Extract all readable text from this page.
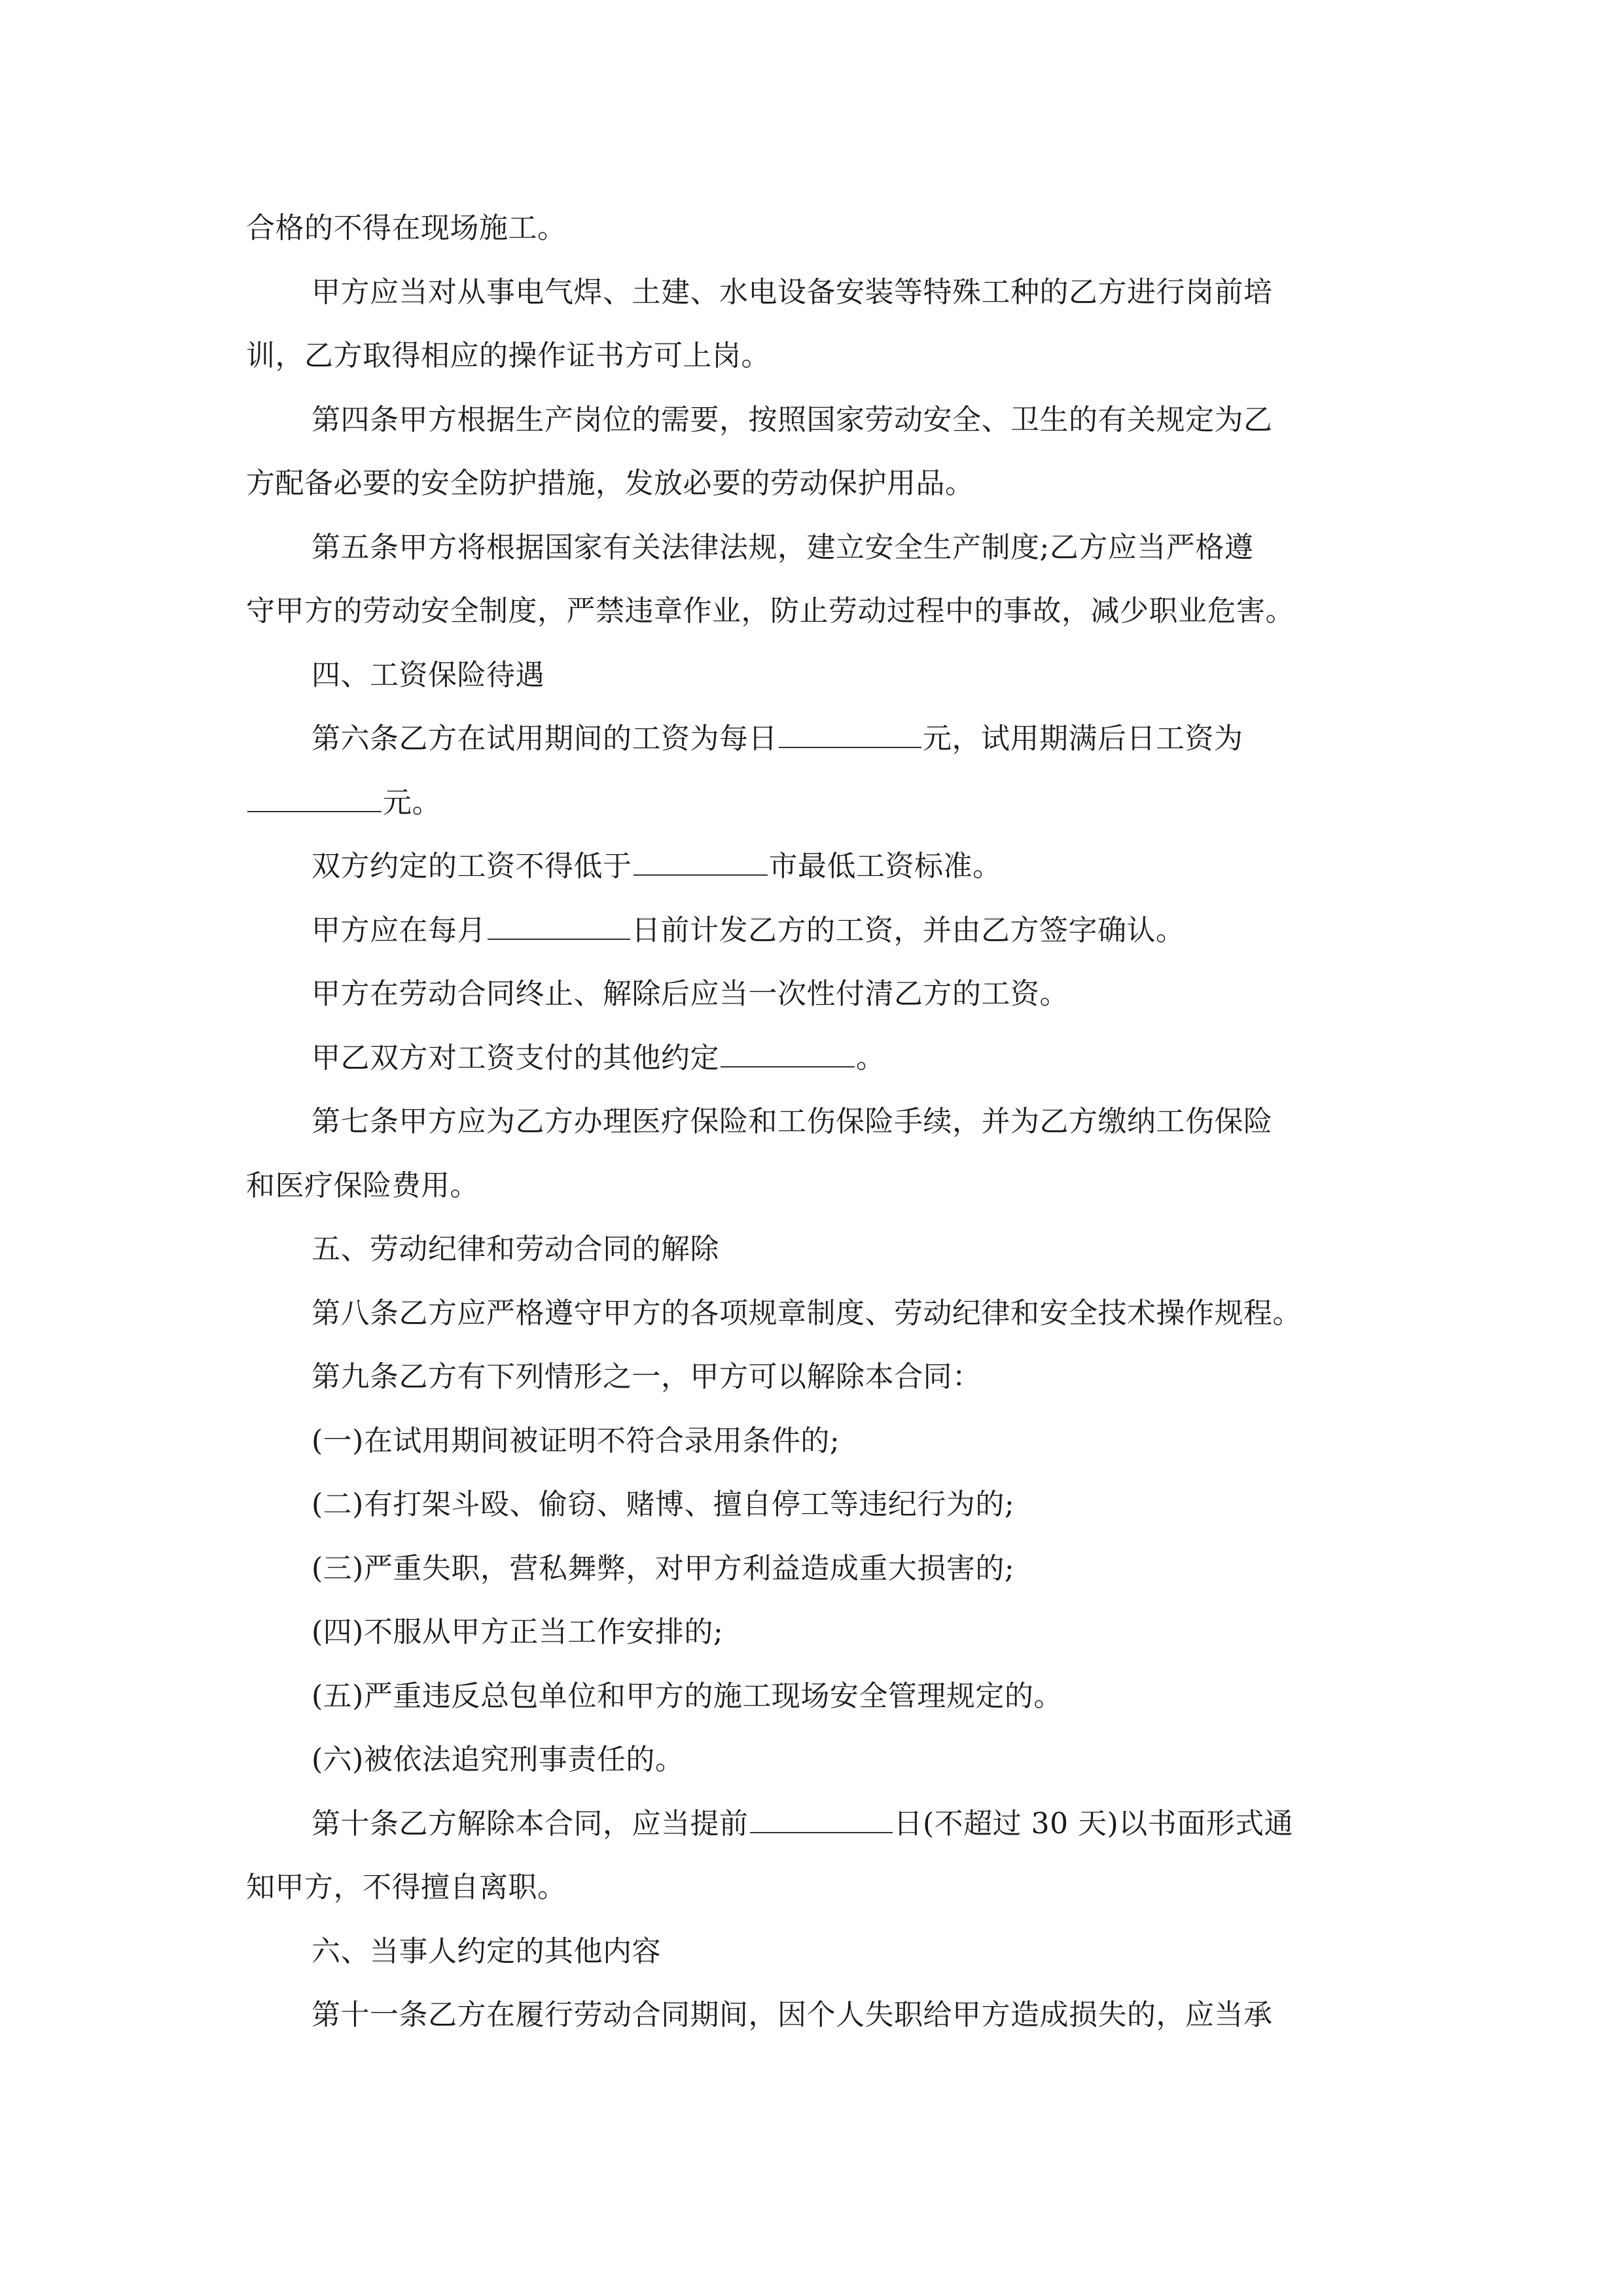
合格的不得在现场施工。
甲方应当对从事电气焊、土建、水电设备安装等特殊工种的乙方进行岗前培
训，乙方取得相应的操作证书方可上岗。
第四条甲方根据生产岗位的需要，按照国家劳动安全、卫生的有关规定为乙
方配备必要的安全防护措施，发放必要的劳动保护用品。
第五条甲方将根据国家有关法律法规，建立安全生产制度;乙方应当严格遵
守甲方的劳动安全制度，严禁违章作业，防止劳动过程中的事故，减少职业危害。
四、工资保险待遇
第六条乙方在试用期间的工资为每日	元，试用期满后日工资为
元。
双方约定的工资不得低于	市最低工资标准。
甲方应在每月	日前计发乙方的工资，并由乙方签字确认。
甲方在劳动合同终止、解除后应当一次性付清乙方的工资。
甲乙双方对工资支付的其他约定	。
第七条甲方应为乙方办理医疗保险和工伤保险手续，并为乙方缴纳工伤保险
和医疗保险费用。
五、劳动纪律和劳动合同的解除
第八条乙方应严格遵守甲方的各项规章制度、劳动纪律和安全技术操作规程。
第九条乙方有下列情形之一，甲方可以解除本合同：
(一)在试用期间被证明不符合录用条件的;
(二)有打架斗殴、偷窃、赌博、擅自停工等违纪行为的;
(三)严重失职，营私舞弊，对甲方利益造成重大损害的;
(四)不服从甲方正当工作安排的;
(五)严重违反总包单位和甲方的施工现场安全管理规定的。
(六)被依法追究刑事责任的。
第十条乙方解除本合同，应当提前	日(不超过 30 天)以书面形式通
知甲方，不得擅自离职。
六、当事人约定的其他内容
第十一条乙方在履行劳动合同期间，因个人失职给甲方造成损失的，应当承
